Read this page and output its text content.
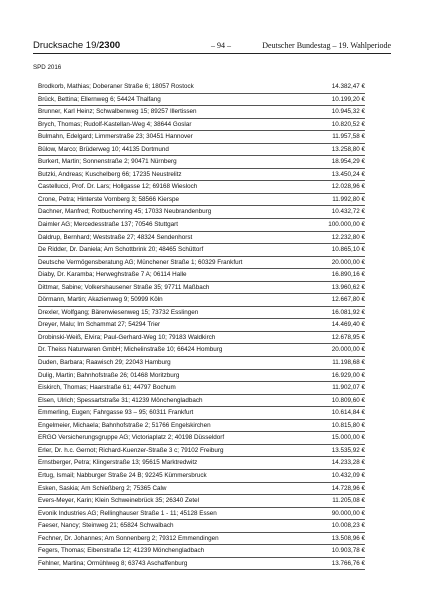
Drucksache 19/2300	– 94 –	Deutscher Bundestag – 19. Wahlperiode
SPD 2016
Brodkorb, Mathias; Doberaner Straße 6; 18057 Rostock	14.382,47 €
Brück, Bettina; Ellernweg 6; 54424 Thalfang	10.199,20 €
Brunner, Karl Heinz; Schwalbenweg 15; 89257 Illertissen	10.945,32 €
Brych, Thomas; Rudolf-Kastellan-Weg 4; 38644 Goslar	10.820,52 €
Bulmahn, Edelgard; Limmerstraße 23; 30451 Hannover	11.957,58 €
Bülow, Marco; Brüderweg 10; 44135 Dortmund	13.258,80 €
Burkert, Martin; Sonnenstraße 2; 90471 Nürnberg	18.954,29 €
Butzki, Andreas; Kuschelberg 66; 17235 Neustrelitz	13.450,24 €
Castellucci, Prof. Dr. Lars; Hollgasse 12; 69168 Wiesloch	12.028,96 €
Crone, Petra; Hinterste Vornberg 3; 58566 Kierspe	11.992,80 €
Dachner, Manfred; Rotbuchenring 45; 17033 Neubrandenburg	10.432,72 €
Daimler AG; Mercedesstraße 137; 70546 Stuttgart	100.000,00 €
Daldrup, Bernhard; Weststraße 27; 48324 Sendenhorst	12.232,80 €
De Ridder, Dr. Daniela; Am Schottbrink 20; 48465 Schüttorf	10.865,10 €
Deutsche Vermögensberatung AG; Münchener Straße 1; 60329 Frankfurt	20.000,00 €
Diaby, Dr. Karamba; Herweghstraße 7 A; 06114 Halle	16.890,16 €
Dittmar, Sabine; Volkershausener Straße 35; 97711 Maßbach	13.960,62 €
Dörmann, Martin; Akazienweg 9; 50999 Köln	12.667,80 €
Drexler, Wolfgang; Bärenwiesenweg 15; 73732 Esslingen	16.081,92 €
Dreyer, Malu; Im Schammat 27; 54294 Trier	14.469,40 €
Drobinski-Weiß, Elvira; Paul-Gerhard-Weg 10; 79183 Waldkirch	12.678,95 €
Dr. Theiss Naturwaren GmbH; Michelinstraße 10; 66424 Homburg	20.000,00 €
Duden, Barbara; Raawisch 29; 22043 Hamburg	11.198,68 €
Dulig, Martin; Bahnhofstraße 26; 01468 Moritzburg	16.929,00 €
Eiskirch, Thomas; Haarstraße 61; 44797 Bochum	11.902,07 €
Elsen, Ulrich; Spessartstraße 31; 41239 Mönchengladbach	10.809,60 €
Emmerling, Eugen; Fahrgasse 93 – 95; 60311 Frankfurt	10.614,84 €
Engelmeier, Michaela; Bahnhofstraße 2; 51766 Engelskirchen	10.815,80 €
ERGO Versicherungsgruppe AG; Victoriaplatz 2; 40198 Düsseldorf	15.000,00 €
Erler, Dr. h.c. Gernot; Richard-Kuenzer-Straße 3 c; 79102 Freiburg	13.535,92 €
Ernstberger, Petra; Klingerstraße 13; 95615 Marktredwitz	14.233,28 €
Ertug, Ismail; Nabburger Straße 24 B; 92245 Kümmersbruck	10.432,09 €
Esken, Saskia; Am Schießberg 2; 75365 Calw	14.728,96 €
Evers-Meyer, Karin; Klein Schweinebrück 35; 26340 Zetel	11.205,08 €
Evonik Industries AG; Rellinghauser Straße 1 - 11; 45128 Essen	90.000,00 €
Faeser, Nancy; Steinweg 21; 65824 Schwalbach	10.008,23 €
Fechner, Dr. Johannes; Am Sonnenberg 2; 79312 Emmendingen	13.508,96 €
Fegers, Thomas; Eibenstraße 12; 41239 Mönchengladbach	10.903,78 €
Fehlner, Martina; Ormühlweg 8; 63743 Aschaffenburg	13.766,76 €
